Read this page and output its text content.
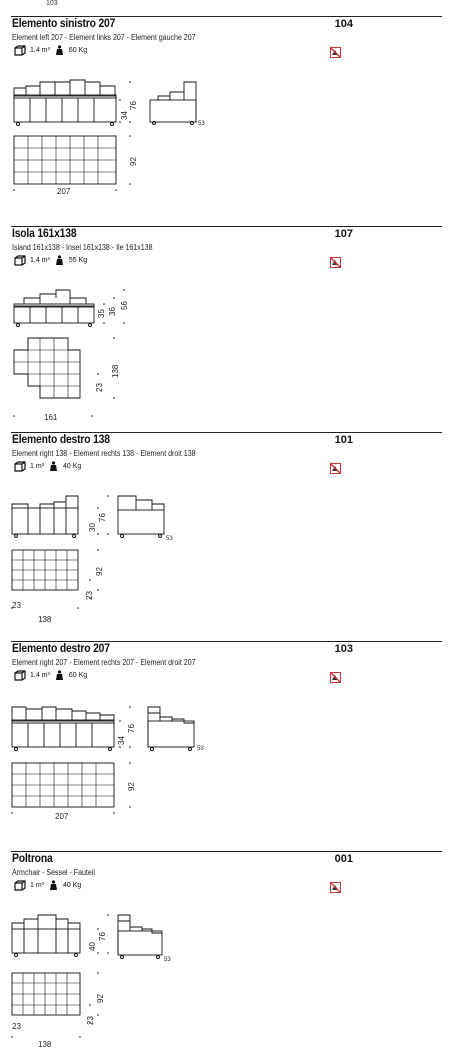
103
Elemento sinistro 207	104
Element left 207 - Element links 207 - Element gauche 207
1,4 m³	60 Kg
34
76
92
207
53
Isola 161x138	107
Island 161x138 - Insel 161x138 - Ile 161x138
1,4 m³	55 Kg
35 36
56
138
23
161
Elemento destro 138	101
Element right 138 - Element rechts 138 - Element droit 138
1 m³	40 Kg
30
76
92
23
23
138
53
Elemento destro 207	103
Element right 207 - Element rechts 207 - Element droit 207
1,4 m³	60 Kg
34
76
92
207
53
Poltrona	001
Armchair - Sessel - Fauteil
1 m³	40 Kg
40
76
92
23
23
138
53
